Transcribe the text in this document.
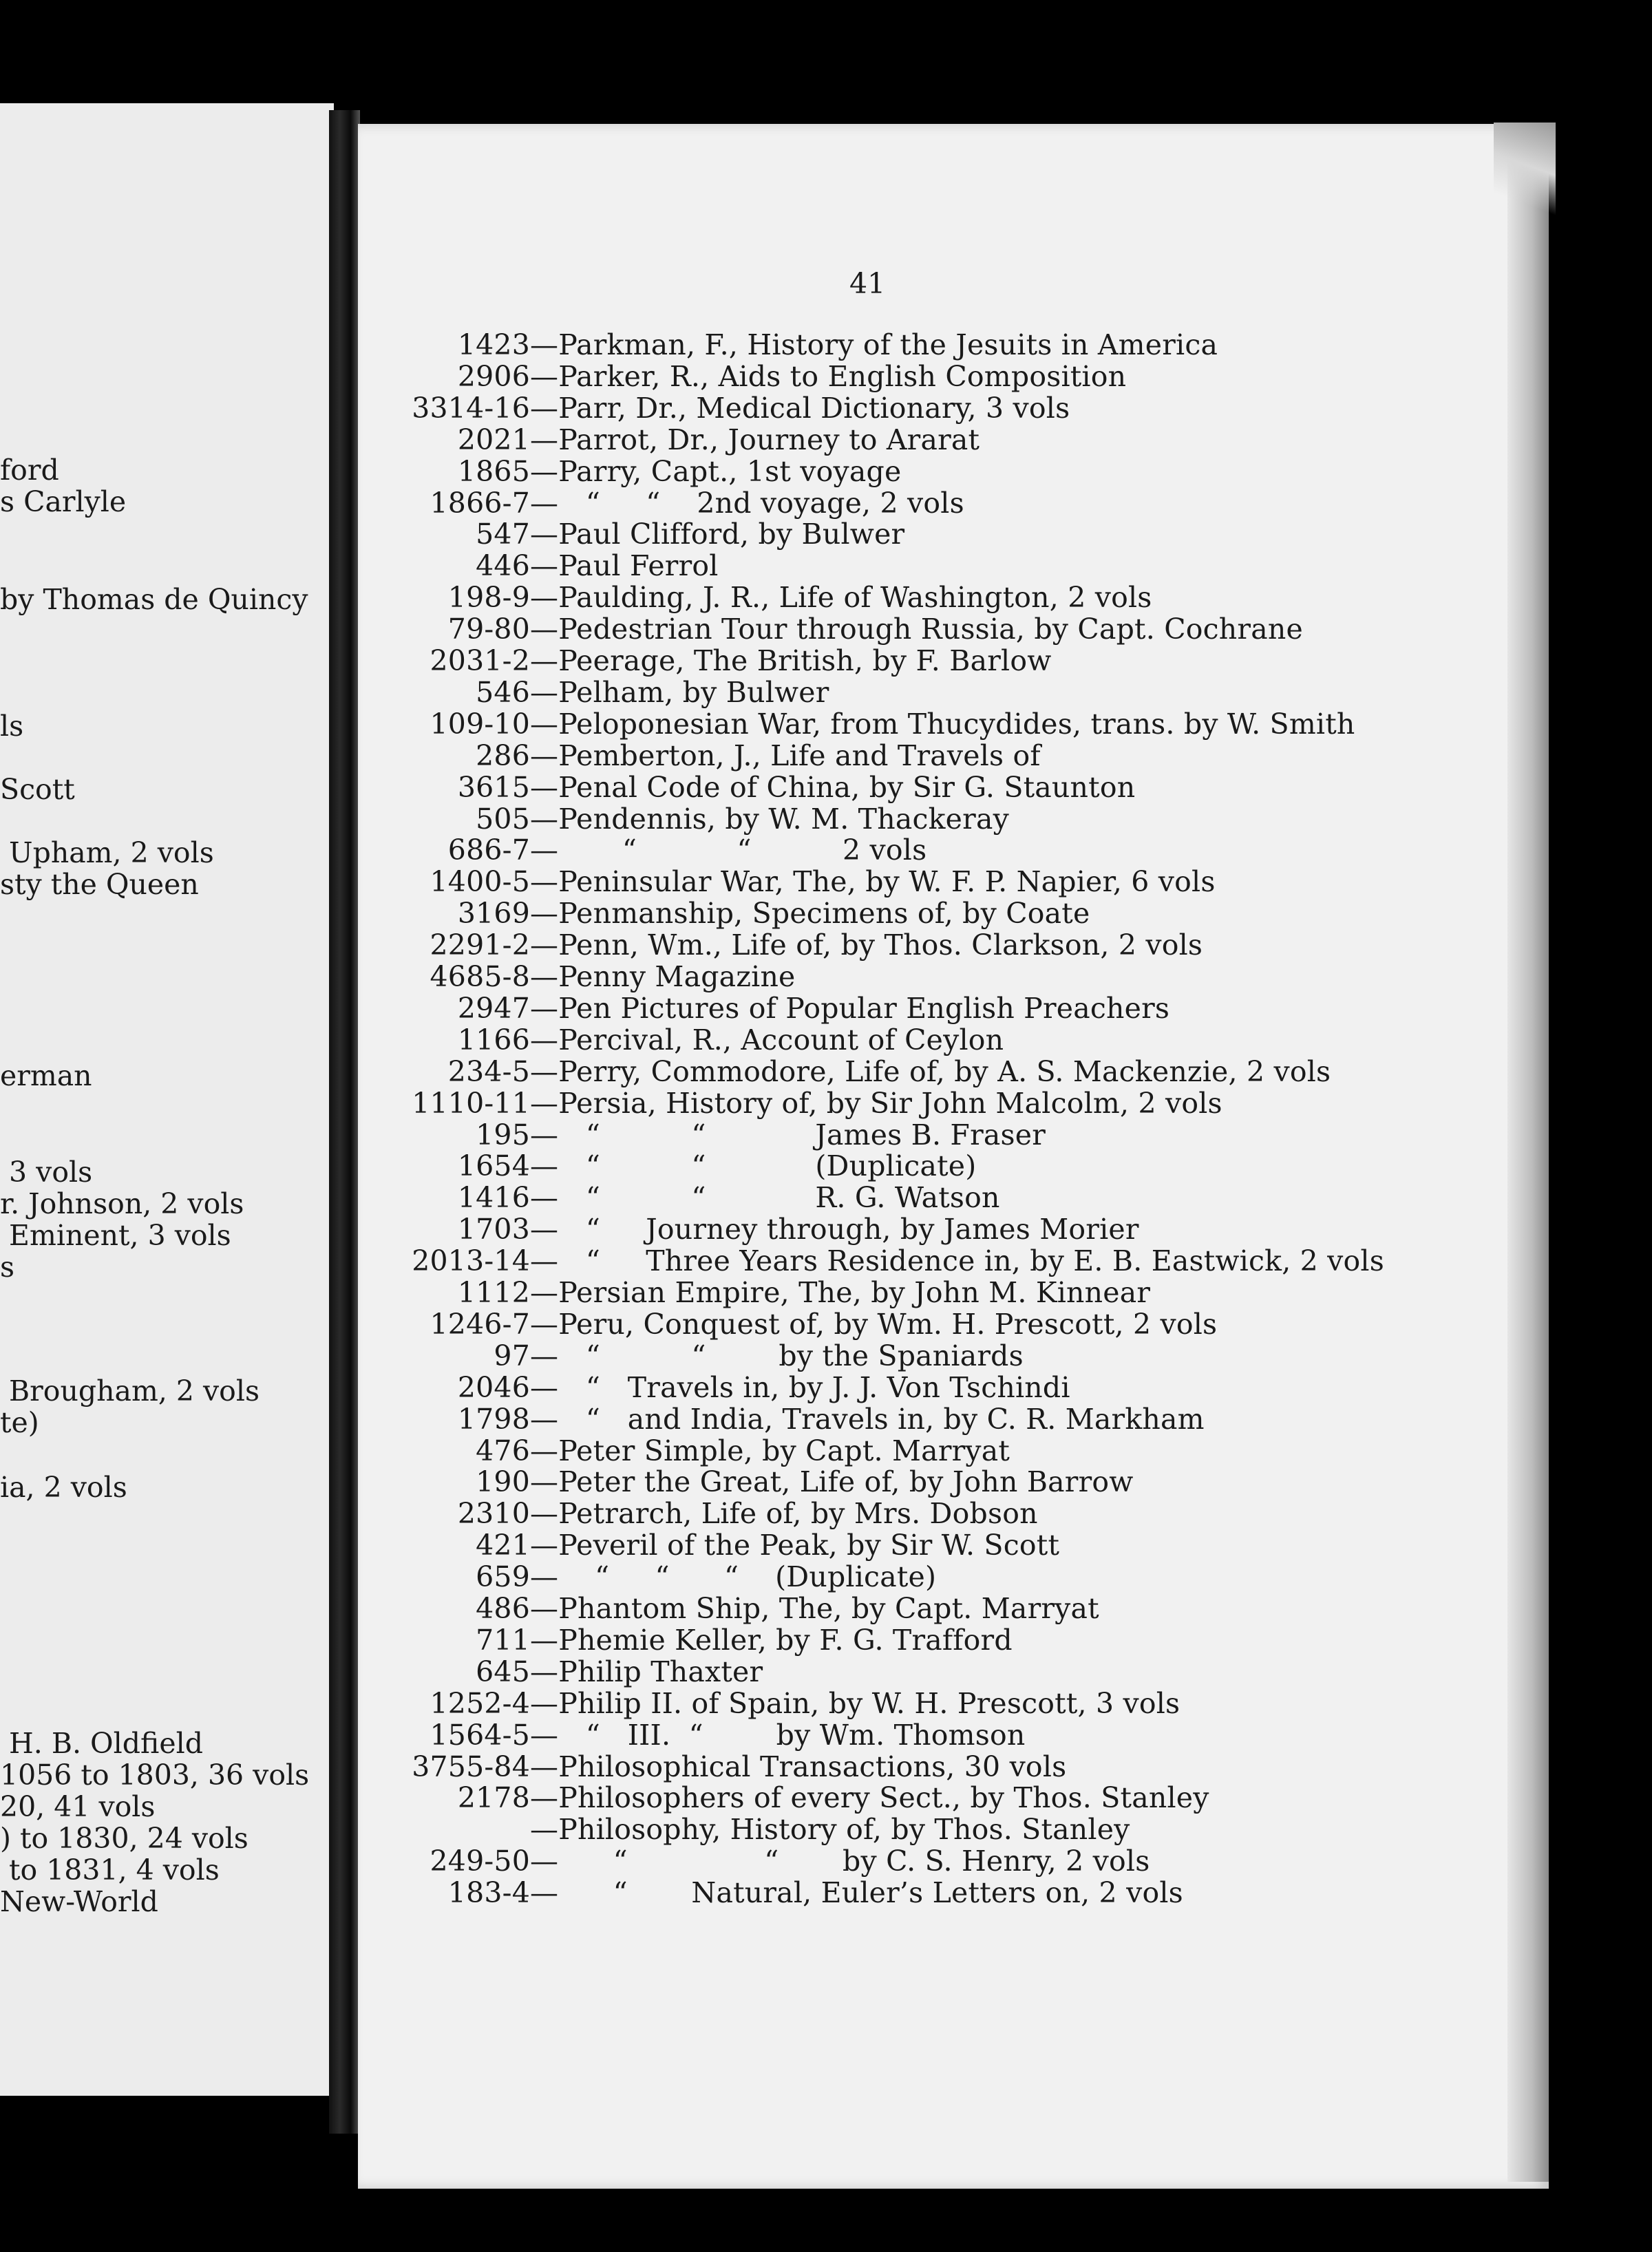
ford
s Carlyle
by Thomas de Quincy
ls
Scott
Upham, 2 vols
sty the Queen
erman
3 vols
r. Johnson, 2 vols
Eminent, 3 vols
s
Brougham, 2 vols
te)
ia, 2 vols
H. B. Oldfield
1056 to 1803, 36 vols
20, 41 vols
) to 1830, 24 vols
to 1831, 4 vols
New-World
41
1423—Parkman, F., History of the Jesuits in America
2906—Parker, R., Aids to English Composition
3314-16—Parr, Dr., Medical Dictionary, 3 vols
2021—Parrot, Dr., Journey to Ararat
1865—Parry, Capt., 1st voyage
1866-7—   “     “    2nd voyage, 2 vols
547—Paul Clifford, by Bulwer
446—Paul Ferrol
198-9—Paulding, J. R., Life of Washington, 2 vols
79-80—Pedestrian Tour through Russia, by Capt. Cochrane
2031-2—Peerage, The British, by F. Barlow
546—Pelham, by Bulwer
109-10—Peloponesian War, from Thucydides, trans. by W. Smith
286—Pemberton, J., Life and Travels of
3615—Penal Code of China, by Sir G. Staunton
505—Pendennis, by W. M. Thackeray
686-7—       “           “          2 vols
1400-5—Peninsular War, The, by W. F. P. Napier, 6 vols
3169—Penmanship, Specimens of, by Coate
2291-2—Penn, Wm., Life of, by Thos. Clarkson, 2 vols
4685-8—Penny Magazine
2947—Pen Pictures of Popular English Preachers
1166—Percival, R., Account of Ceylon
234-5—Perry, Commodore, Life of, by A. S. Mackenzie, 2 vols
1110-11—Persia, History of, by Sir John Malcolm, 2 vols
195—   “          “            James B. Fraser
1654—   “          “            (Duplicate)
1416—   “          “            R. G. Watson
1703—   “     Journey through, by James Morier
2013-14—   “     Three Years Residence in, by E. B. Eastwick, 2 vols
1112—Persian Empire, The, by John M. Kinnear
1246-7—Peru, Conquest of, by Wm. H. Prescott, 2 vols
97—   “          “        by the Spaniards
2046—   “   Travels in, by J. J. Von Tschindi
1798—   “   and India, Travels in, by C. R. Markham
476—Peter Simple, by Capt. Marryat
190—Peter the Great, Life of, by John Barrow
2310—Petrarch, Life of, by Mrs. Dobson
421—Peveril of the Peak, by Sir W. Scott
659—    “     “      “    (Duplicate)
486—Phantom Ship, The, by Capt. Marryat
711—Phemie Keller, by F. G. Trafford
645—Philip Thaxter
1252-4—Philip II. of Spain, by W. H. Prescott, 3 vols
1564-5—   “   III.  “        by Wm. Thomson
3755-84—Philosophical Transactions, 30 vols
2178—Philosophers of every Sect., by Thos. Stanley
—Philosophy, History of, by Thos. Stanley
249-50—      “               “       by C. S. Henry, 2 vols
183-4—      “       Natural, Euler’s Letters on, 2 vols
